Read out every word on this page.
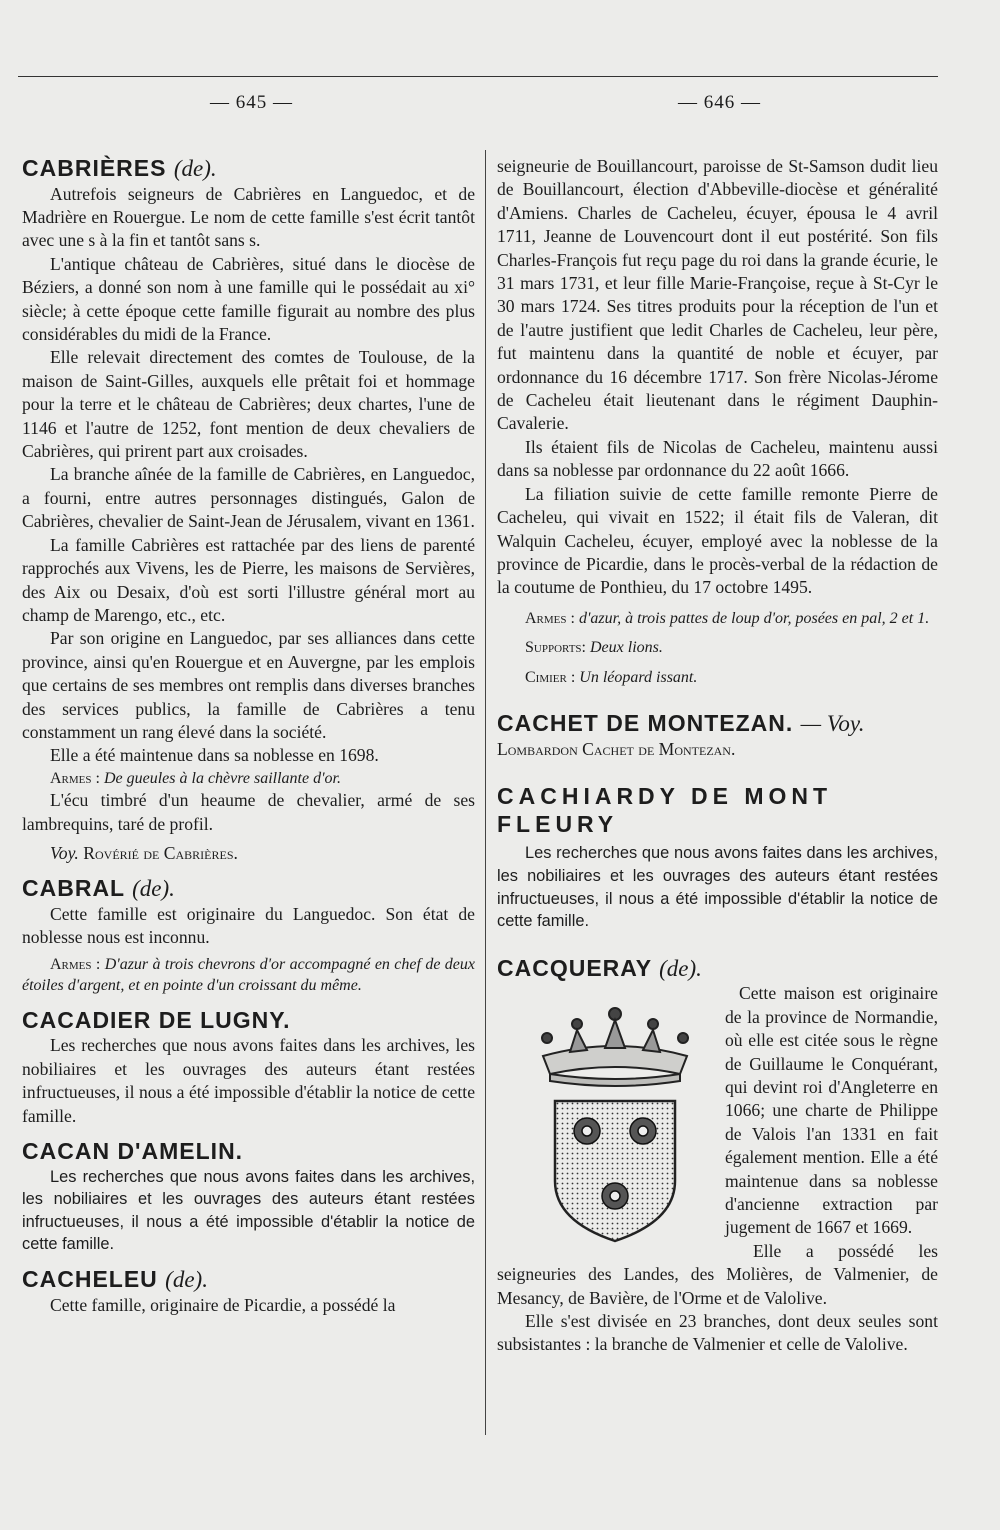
— 645 —	— 646 —
CABRIÈRES (de).

Autrefois seigneurs de Cabrières en Languedoc, et de Madrière en Rouergue. Le nom de cette famille s'est écrit tantôt avec une s à la fin et tantôt sans s.

L'antique château de Cabrières, situé dans le diocèse de Béziers, a donné son nom à une famille qui le possédait au xi° siècle; à cette époque cette famille figurait au nombre des plus considérables du midi de la France.

Elle relevait directement des comtes de Toulouse, de la maison de Saint-Gilles, auxquels elle prêtait foi et hommage pour la terre et le château de Cabrières; deux chartes, l'une de 1146 et l'autre de 1252, font mention de deux chevaliers de Cabrières, qui prirent part aux croisades.

La branche aînée de la famille de Cabrières, en Languedoc, a fourni, entre autres personnages distingués, Galon de Cabrières, chevalier de Saint-Jean de Jérusalem, vivant en 1361.

La famille Cabrières est rattachée par des liens de parenté rapprochés aux Vivens, les de Pierre, les maisons de Servières, des Aix ou Desaix, d'où est sorti l'illustre général mort au champ de Marengo, etc., etc.

Par son origine en Languedoc, par ses alliances dans cette province, ainsi qu'en Rouergue et en Auvergne, par les emplois que certains de ses membres ont remplis dans diverses branches des services publics, la famille de Cabrières a tenu constamment un rang élevé dans la société.

Elle a été maintenue dans sa noblesse en 1698.

Armes : De gueules à la chèvre saillante d'or.

L'écu timbré d'un heaume de chevalier, armé de ses lambrequins, taré de profil.

Voy. Rovérié de Cabrières.

CABRAL (de).

Cette famille est originaire du Languedoc. Son état de noblesse nous est inconnu.

Armes : D'azur à trois chevrons d'or accompagné en chef de deux étoiles d'argent, et en pointe d'un croissant du même.

CACADIER DE LUGNY.

Les recherches que nous avons faites dans les archives, les nobiliaires et les ouvrages des auteurs étant restées infructueuses, il nous a été impossible d'établir la notice de cette famille.

CACAN D'AMELIN.

Les recherches que nous avons faites dans les archives, les nobiliaires et les ouvrages des auteurs étant restées infructueuses, il nous a été impossible d'établir la notice de cette famille.

CACHELEU (de).

Cette famille, originaire de Picardie, a possédé la

seigneurie de Bouillancourt, paroisse de St-Samson dudit lieu de Bouillancourt, élection d'Abbeville-diocèse et généralité d'Amiens. Charles de Cacheleu, écuyer, épousa le 4 avril 1711, Jeanne de Louvencourt dont il eut postérité. Son fils Charles-François fut reçu page du roi dans la grande écurie, le 31 mars 1731, et leur fille Marie-Françoise, reçue à St-Cyr le 30 mars 1724. Ses titres produits pour la réception de l'un et de l'autre justifient que ledit Charles de Cacheleu, leur père, fut maintenu dans la quantité de noble et écuyer, par ordonnance du 16 décembre 1717. Son frère Nicolas-Jérome de Cacheleu était lieutenant dans le régiment Dauphin-Cavalerie.

Ils étaient fils de Nicolas de Cacheleu, maintenu aussi dans sa noblesse par ordonnance du 22 août 1666.

La filiation suivie de cette famille remonte Pierre de Cacheleu, qui vivait en 1522; il était fils de Valeran, dit Walquin Cacheleu, écuyer, employé avec la noblesse de la province de Picardie, dans le procès-verbal de la rédaction de la coutume de Ponthieu, du 17 octobre 1495.

Armes : d'azur, à trois pattes de loup d'or, posées en pal, 2 et 1.

Supports: Deux lions.

Cimier : Un léopard issant.

CACHET DE MONTEZAN. — Voy.

Lombardon Cachet de Montezan.

CACHIARDY DE MONT FLEURY

Les recherches que nous avons faites dans les archives, les nobiliaires et les ouvrages des auteurs étant restées infructueuses, il nous a été impossible d'établir la notice de cette famille.

CACQUERAY (de).

Cette maison est originaire de la province de Normandie, où elle est citée sous le règne de Guillaume le Conquérant, qui devint roi d'Angleterre en 1066; une charte de Philippe de Valois l'an 1331 en fait également mention. Elle a été maintenue dans sa noblesse d'ancienne extraction par jugement de 1667 et 1669.

Elle a possédé les seigneuries des Landes, des Molières, de Valmenier, de Mesancy, de Bavière, de l'Orme et de Valolive.

Elle s'est divisée en 23 branches, dont deux seules sont subsistantes : la branche de Valmenier et celle de Valolive.
